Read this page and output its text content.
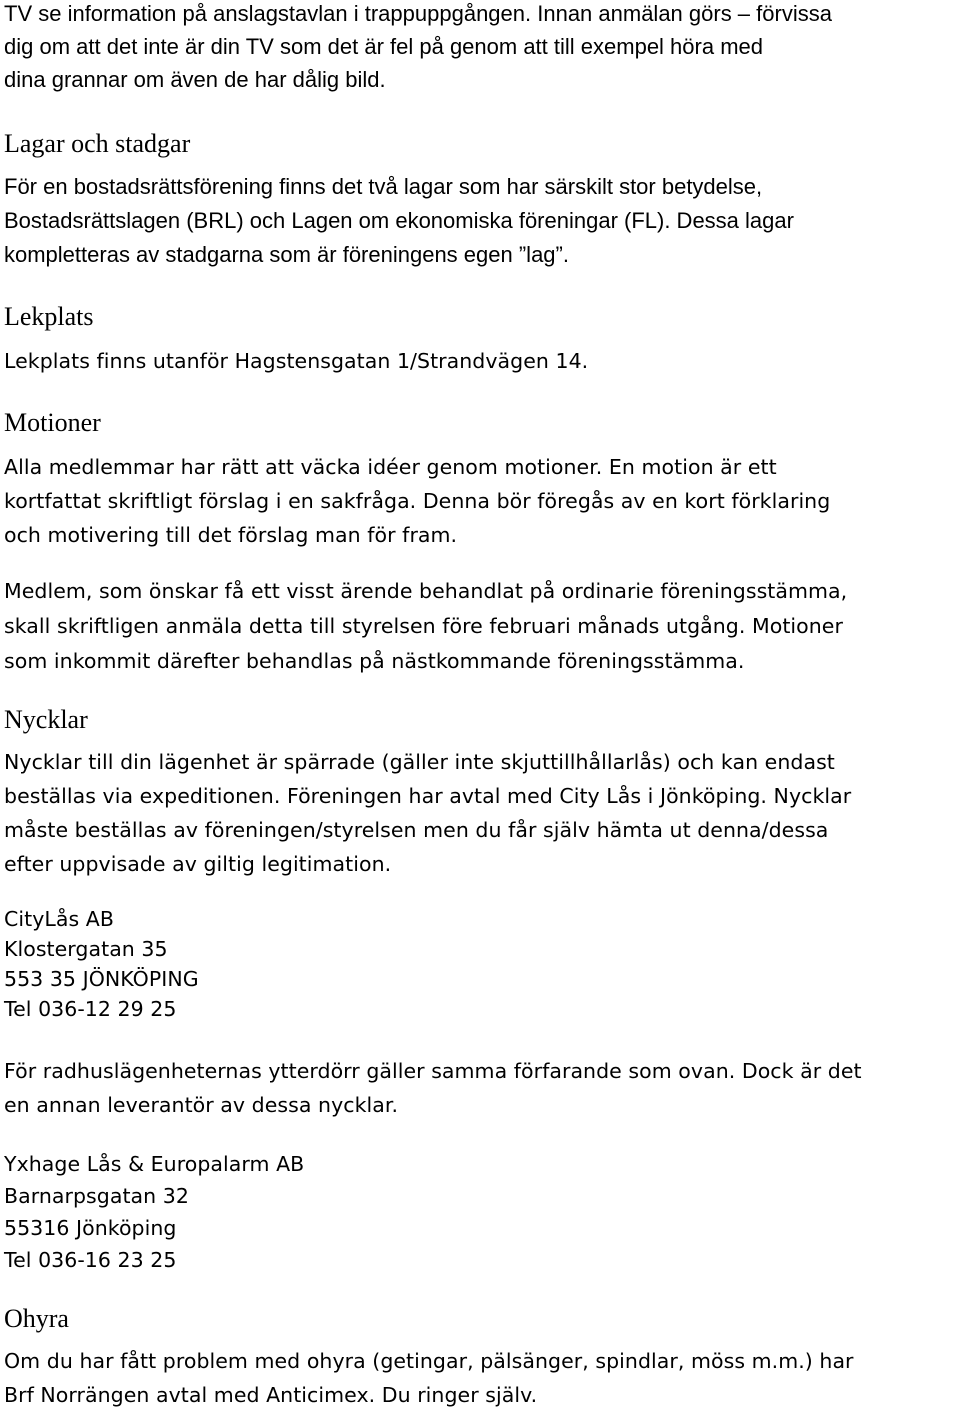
TV se information på anslagstavlan i trappuppgången. Innan anmälan görs – förvissa
dig om att det inte är din TV som det är fel på genom att till exempel höra med
dina grannar om även de har dålig bild.

Lagar och stadgar

För en bostadsrättsförening finns det två lagar som har särskilt stor betydelse,
Bostadsrättslagen (BRL) och Lagen om ekonomiska föreningar (FL). Dessa lagar
kompletteras av stadgarna som är föreningens egen ”lag”.

Lekplats

Lekplats finns utanför Hagstensgatan 1/Strandvägen 14.

Motioner

Alla medlemmar har rätt att väcka idéer genom motioner. En motion är ett
kortfattat skriftligt förslag i en sakfråga. Denna bör föregås av en kort förklaring
och motivering till det förslag man för fram.

Medlem, som önskar få ett visst ärende behandlat på ordinarie föreningsstämma,
skall skriftligen anmäla detta till styrelsen före februari månads utgång. Motioner
som inkommit därefter behandlas på nästkommande föreningsstämma.

Nycklar

Nycklar till din lägenhet är spärrade (gäller inte skjuttillhållarlås) och kan endast
beställas via expeditionen. Föreningen har avtal med City Lås i Jönköping. Nycklar
måste beställas av föreningen/styrelsen men du får själv hämta ut denna/dessa
efter uppvisade av giltig legitimation.

CityLås AB
Klostergatan 35
553 35 JÖNKÖPING
Tel 036-12 29 25

För radhuslägenheternas ytterdörr gäller samma förfarande som ovan. Dock är det
en annan leverantör av dessa nycklar.

Yxhage Lås & Europalarm AB
Barnarpsgatan 32
55316 Jönköping
Tel 036-16 23 25

Ohyra

Om du har fått problem med ohyra (getingar, pälsänger, spindlar, möss m.m.) har
Brf Norrängen avtal med Anticimex. Du ringer själv.
